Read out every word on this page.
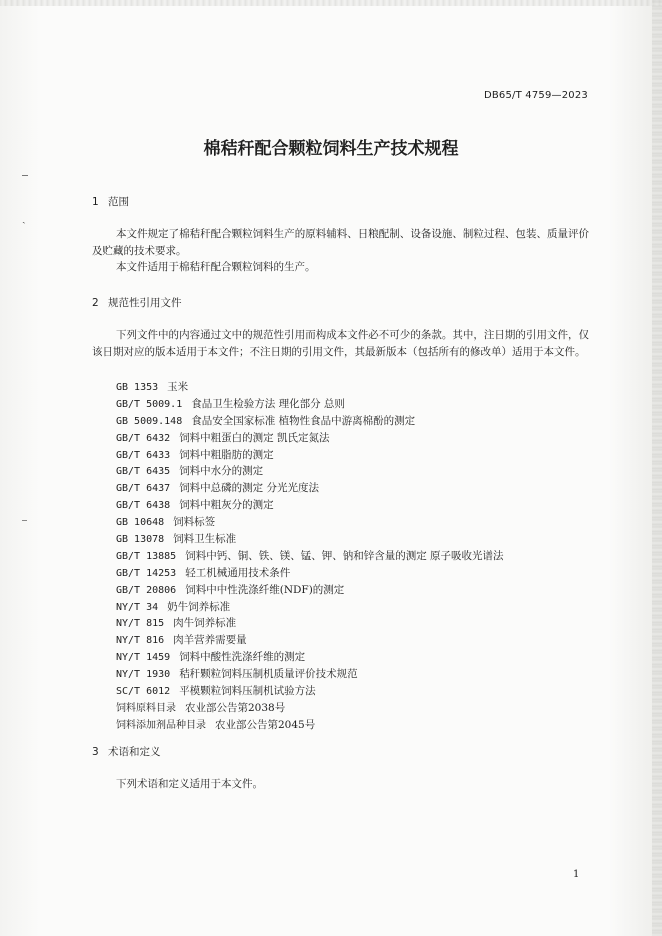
ˎ
DB65/T 4759—2023
棉秸秆配合颗粒饲料生产技术规程
1 范围
本文件规定了棉秸秆配合颗粒饲料生产的原料辅料、日粮配制、设备设施、制粒过程、包装、质量评价及贮藏的技术要求。
本文件适用于棉秸秆配合颗粒饲料的生产。
2 规范性引用文件
下列文件中的内容通过文中的规范性引用而构成本文件必不可少的条款。其中，注日期的引用文件，仅该日期对应的版本适用于本文件；不注日期的引用文件，其最新版本（包括所有的修改单）适用于本文件。
GB 1353 玉米
GB/T 5009.1 食品卫生检验方法 理化部分 总则
GB 5009.148 食品安全国家标准 植物性食品中游离棉酚的测定
GB/T 6432 饲料中粗蛋白的测定 凯氏定氮法
GB/T 6433 饲料中粗脂肪的测定
GB/T 6435 饲料中水分的测定
GB/T 6437 饲料中总磷的测定 分光光度法
GB/T 6438 饲料中粗灰分的测定
GB 10648 饲料标签
GB 13078 饲料卫生标准
GB/T 13885 饲料中钙、铜、铁、镁、锰、钾、钠和锌含量的测定 原子吸收光谱法
GB/T 14253 轻工机械通用技术条件
GB/T 20806 饲料中中性洗涤纤维(NDF)的测定
NY/T 34 奶牛饲养标准
NY/T 815 肉牛饲养标准
NY/T 816 肉羊营养需要量
NY/T 1459 饲料中酸性洗涤纤维的测定
NY/T 1930 秸秆颗粒饲料压制机质量评价技术规范
SC/T 6012 平模颗粒饲料压制机试验方法
饲料原料目录 农业部公告第2038号
饲料添加剂品种目录 农业部公告第2045号
3 术语和定义
下列术语和定义适用于本文件。
1
